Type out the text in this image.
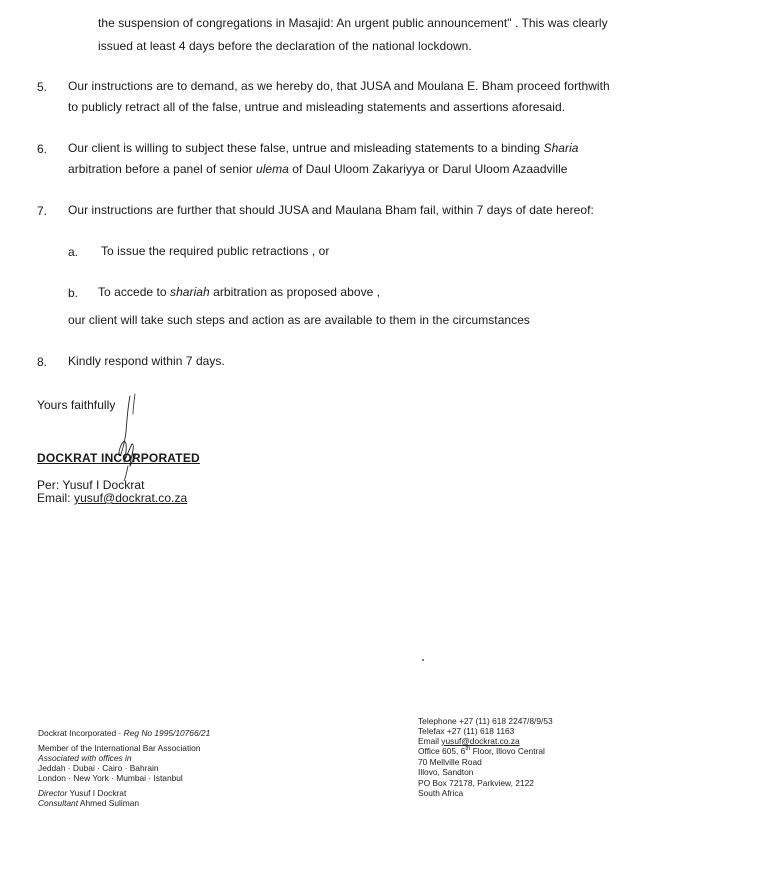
the suspension of congregations in Masajid: An urgent public announcement" . This was clearly
issued at least 4 days before the declaration of the national lockdown.
5. Our instructions are to demand, as we hereby do, that JUSA and Moulana E. Bham proceed forthwith
to publicly retract all of the false, untrue and misleading statements and assertions aforesaid.
6. Our client is willing to subject these false, untrue and misleading statements to a binding Sharia
arbitration before a panel of senior ulema of Daul Uloom Zakariyya or Darul Uloom Azaadville
7. Our instructions are further that should JUSA and Maulana Bham fail, within 7 days of date hereof:
a. To issue the required public retractions , or
b. To accede to shariah arbitration as proposed above ,
our client will take such steps and action as are available to them in the circumstances
8. Kindly respond within 7 days.
Yours faithfully
DOCKRAT INCORPORATED
Per: Yusuf I Dockrat
Email: yusuf@dockrat.co.za
Dockrat Incorporated · Reg No 1995/10766/21
Member of the International Bar Association
Associated with offices in
Jeddah · Dubai · Cairo · Bahrain
London · New York · Mumbai · Istanbul
Director Yusuf I Dockrat
Consultant Ahmed Suliman
Telephone +27 (11) 618 2247/8/9/53
Telefax +27 (11) 618 1163
Email yusuf@dockrat.co.za
Office 605, 6th Floor, Illovo Central
70 Mellville Road
Illovo, Sandton
PO Box 72178, Parkview, 2122
South Africa
